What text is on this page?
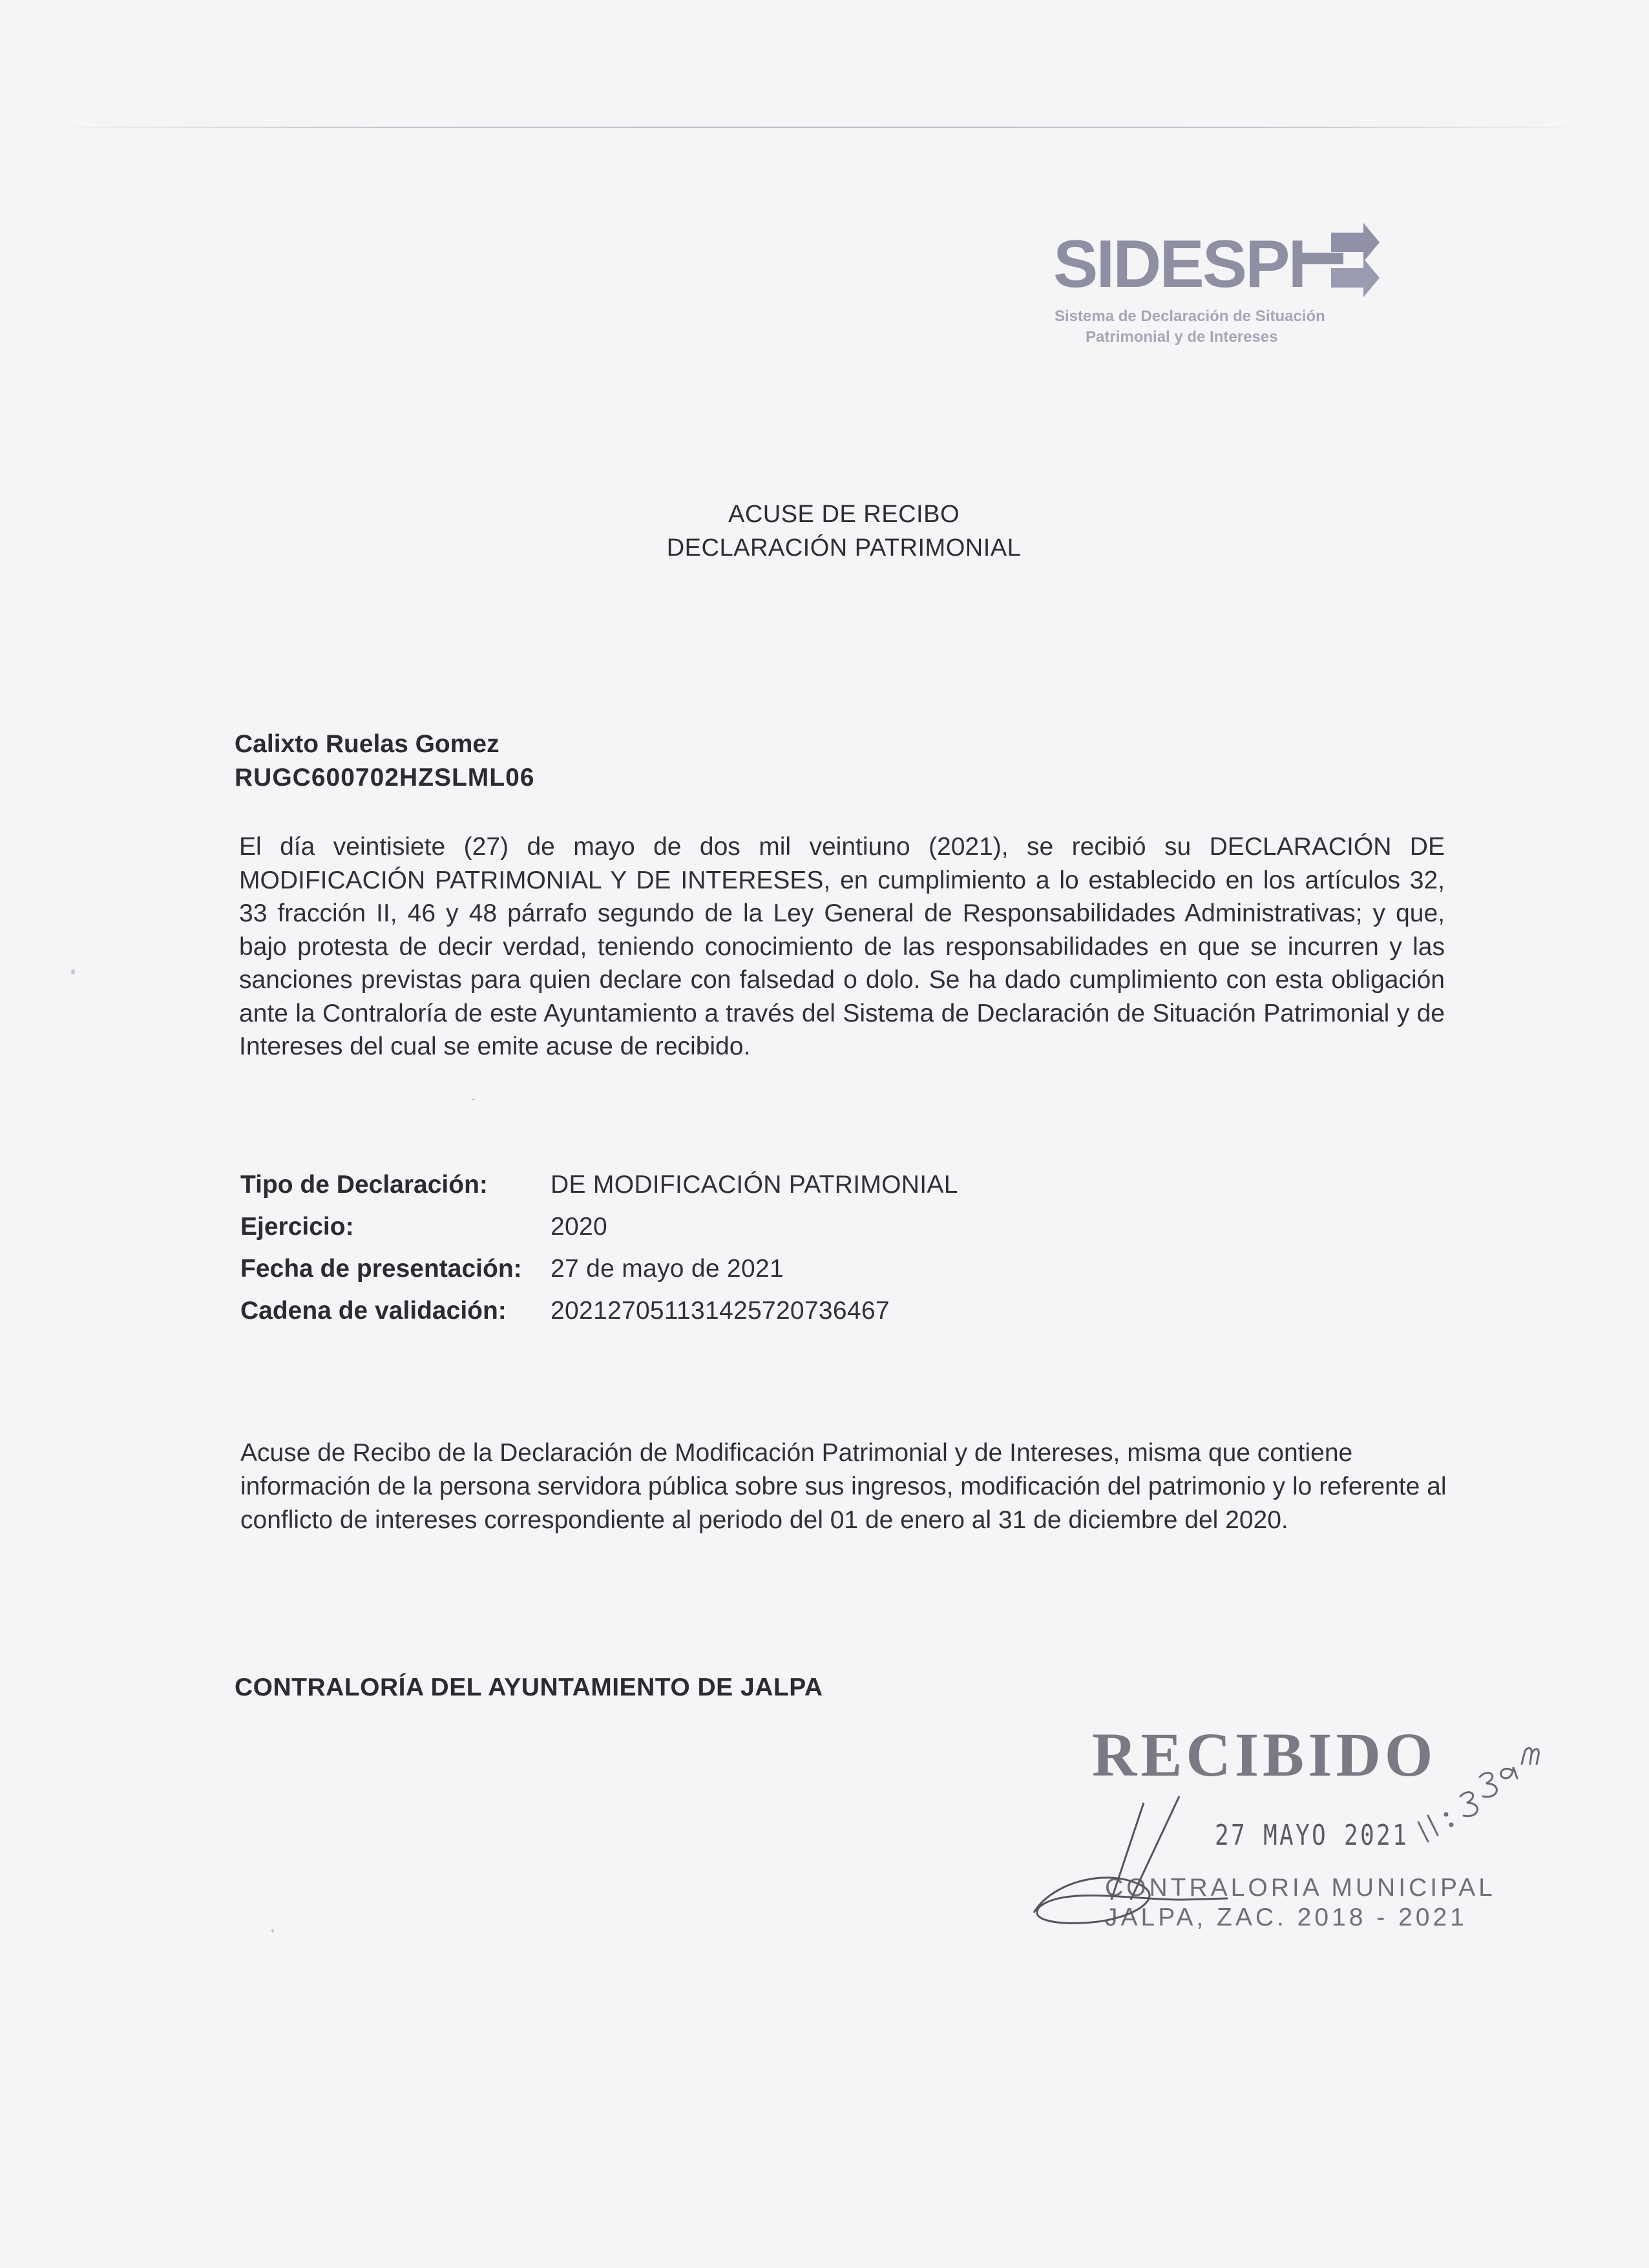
SIDESPI
Sistema de Declaración de Situación
Patrimonial y de Intereses
ACUSE DE RECIBO
DECLARACIÓN PATRIMONIAL
Calixto Ruelas Gomez
RUGC600702HZSLML06
El día veintisiete (27) de mayo de dos mil veintiuno (2021), se recibió su DECLARACIÓN DE MODIFICACIÓN PATRIMONIAL Y DE INTERESES, en cumplimiento a lo establecido en los artículos 32, 33 fracción II, 46 y 48 párrafo segundo de la Ley General de Responsabilidades Administrativas; y que, bajo protesta de decir verdad, teniendo conocimiento de las responsabilidades en que se incurren y las sanciones previstas para quien declare con falsedad o dolo. Se ha dado cumplimiento con esta obligación ante la Contraloría de este Ayuntamiento a través del Sistema de Declaración de Situación Patrimonial y de Intereses del cual se emite acuse de recibido.
Tipo de Declaración:	DE MODIFICACIÓN PATRIMONIAL
Ejercicio:	2020
Fecha de presentación:	27 de mayo de 2021
Cadena de validación:	20212705113142572073646​7
Acuse de Recibo de la Declaración de Modificación Patrimonial y de Intereses, misma que contiene información de la persona servidora pública sobre sus ingresos, modificación del patrimonio y lo referente al conflicto de intereses correspondiente al periodo del 01 de enero al 31 de diciembre del 2020.
CONTRALORÍA DEL AYUNTAMIENTO DE JALPA
RECIBIDO
27 MAYO 2021
CONTRALORIA MUNICIPAL
JALPA, ZAC. 2018 - 2021
